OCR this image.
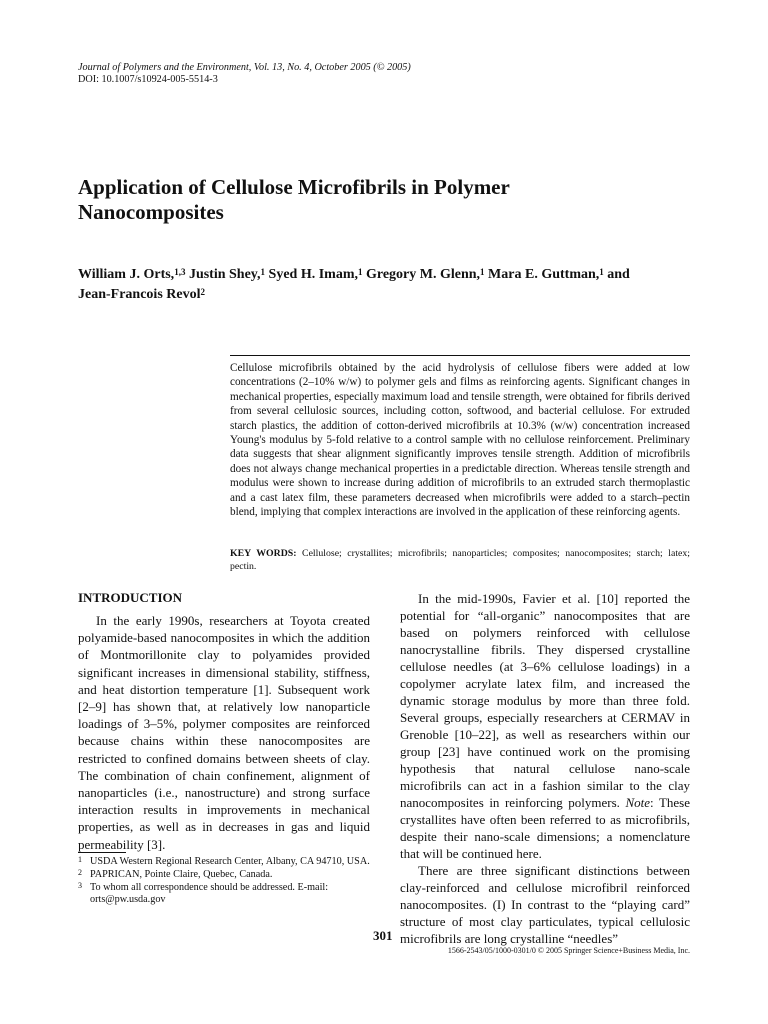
Journal of Polymers and the Environment, Vol. 13, No. 4, October 2005 (© 2005)
DOI: 10.1007/s10924-005-5514-3
Application of Cellulose Microfibrils in Polymer Nanocomposites
William J. Orts,$^{1,3}$ Justin Shey,$^1$ Syed H. Imam,$^1$ Gregory M. Glenn,$^1$ Mara E. Guttman,$^1$ and
Jean-Francois Revol$^2$

Cellulose microfibrils obtained by the acid hydrolysis of cellulose fibers were added at low concentrations (2–10% w/w) to polymer gels and films as reinforcing agents. Significant changes in mechanical properties, especially maximum load and tensile strength, were obtained for fibrils derived from several cellulosic sources, including cotton, softwood, and bacterial cellulose. For extruded starch plastics, the addition of cotton-derived microfibrils at 10.3% (w/w) concentration increased Young's modulus by 5-fold relative to a control sample with no cellulose reinforcement. Preliminary data suggests that shear alignment significantly improves tensile strength. Addition of microfibrils does not always change mechanical properties in a predictable direction. Whereas tensile strength and modulus were shown to increase during addition of microfibrils to an extruded starch thermoplastic and a cast latex film, these parameters decreased when microfibrils were added to a starch–pectin blend, implying that complex interactions are involved in the application of these reinforcing agents.

KEY WORDS: Cellulose; crystallites; microfibrils; nanoparticles; composites; nanocomposites; starch; latex; pectin.

INTRODUCTION

In the early 1990s, researchers at Toyota created polyamide-based nanocomposites in which the addition of Montmorillonite clay to polyamides provided significant increases in dimensional stability, stiffness, and heat distortion temperature [1]. Subsequent work [2–9] has shown that, at relatively low nanoparticle loadings of 3–5%, polymer composites are reinforced because chains within these nanocomposites are restricted to confined domains between sheets of clay. The combination of chain confinement, alignment of nanoparticles (i.e., nanostructure) and strong surface interaction results in improvements in mechanical properties, as well as in decreases in gas and liquid permeability [3].

In the mid-1990s, Favier et al. [10] reported the potential for “all-organic” nanocomposites that are based on polymers reinforced with cellulose nanocrystalline fibrils. They dispersed crystalline cellulose needles (at 3–6% cellulose loadings) in a copolymer acrylate latex film, and increased the dynamic storage modulus by more than three fold. Several groups, especially researchers at CERMAV in Grenoble [10–22], as well as researchers within our group [23] have continued work on the promising hypothesis that natural cellulose nano-scale microfibrils can act in a fashion similar to the clay nanocomposites in reinforcing polymers. Note: These crystallites have often been referred to as microfibrils, despite their nano-scale dimensions; a nomenclature that will be continued here.

There are three significant distinctions between clay-reinforced and cellulose microfibril reinforced nanocomposites. (I) In contrast to the “playing card” structure of most clay particulates, typical cellulosic microfibrils are long crystalline “needles”

1 USDA Western Regional Research Center, Albany, CA 94710, USA.

2 PAPRICAN, Pointe Claire, Quebec, Canada.

3 To whom all correspondence should be addressed. E-mail: orts@pw.usda.gov

301
1566-2543/05/1000-0301/0 © 2005 Springer Science+Business Media, Inc.
